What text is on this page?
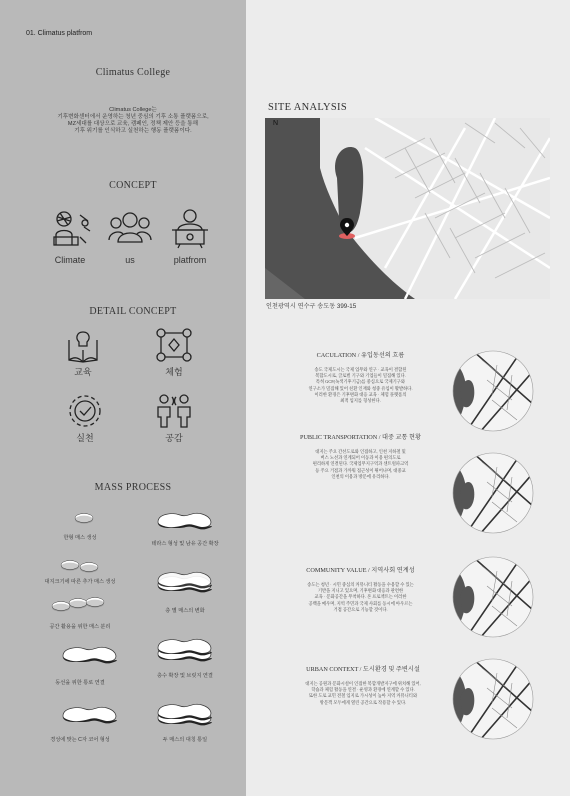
01. Climatus platfrom
Climatus College
Climatus College는
기후변화센터에서 운영하는 청년 중심의 기후 소통 플랫폼으로,
MZ세대를 대상으로 교육, 캠페인, 정책 제안 등을 통해
기후 위기를 인식하고 실천하는 행동 플랫폼이다.
CONCEPT
Climate	us	platfrom
DETAIL CONCEPT
교육	체험
실천	공감
MASS PROCESS
한형 매스 생성
테라스 형성 및 남유 공간 확장
대지크기에 따른 추가 매스 생성
층 별 매스의 변화
공간 활용을 위한 매스 분리
층수 확장 및 브릿지 연결
동선을 위한 통로 연결
경성에 맞는 C자 코어 형성	두 매스의 대칭 통일
SITE ANALYSIS
N
인천광역시 연수구 송도동 399-15
CACULATION / 유입동선의 흐름
송도 국제도시는 국제 업무와 연구 · 교육이 결합된
복합도시로, 글로벌 기구와 기업들이 밀집해 있다.
특히 GCF(녹색기후기금)를 중심으로 국제기구와
연구소가 밀집해 있어 친환 인재와 청중 유입이 활발하다.
이러한 환경은 기후변화 대응 교육 · 체험 플랫폼의
최적 입지를 형성한다.
PUBLIC TRANSPORTATION / 대중 교통 현황
대지는 주요 간선도로와 인접하고, 인천 지하철 및
버스 노선과 연계되어 이동과 이용 편의도로
편리하게 연결된다. 국제업무지구역과 센트럴파크역
등 주요 거점과 가까워 접근성이 뛰어나며, 대중교
인천의 이용과 방문에 유리하다.
COMMUNITY VALUE / 지역사회 연계성
송도는 청년 · 시민 중심의 커뮤니티 활동을 수용할 수 있는
기반을 지니고 있으며, 기후변화 대응과 관련한
교육 · 문화공간을 무척하다. 본 프로젝트는 이러한
공백을 메우며, 지역 주민과 국제 사회를 동시에 아우르는
거점 공간으로 기능할 것이다.
URBAN CONTEXT / 도시환경 및 주변시설
대지는 공원과 문화시설이 인접한 복합개발지구에 위치해 있어,
학습과 체험 활동을 연결 · 운영과 환경에 연계할 수 있다.
또한 도로 교민 전철 입지로 가시성이 높아 지역 커뮤니티와
방문객 모두에게 열린 공간으로 작용할 수 있다.
